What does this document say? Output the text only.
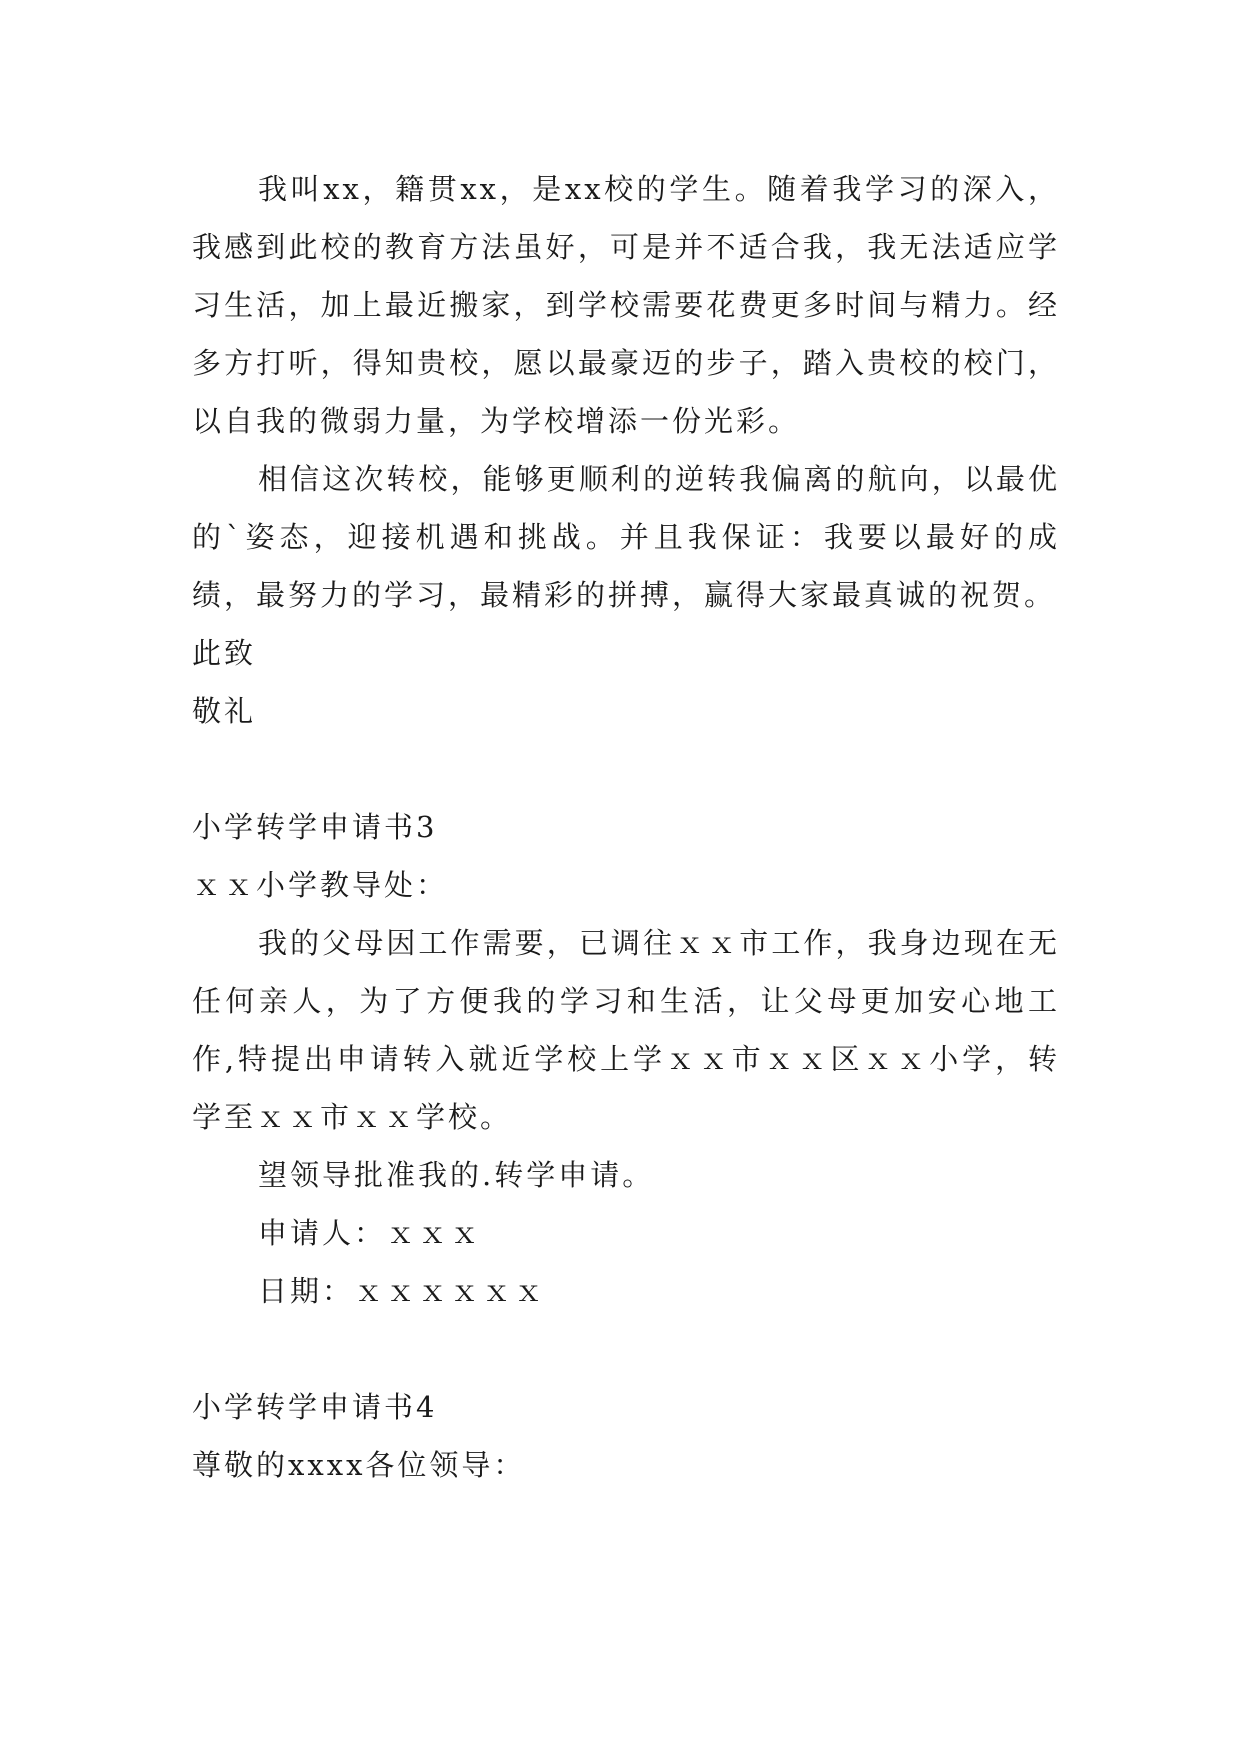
我叫xx，籍贯xx，是xx校的学生。随着我学习的深入，我感到此校的教育方法虽好，可是并不适合我，我无法适应学习生活，加上最近搬家，到学校需要花费更多时间与精力。经多方打听，得知贵校，愿以最豪迈的步子，踏入贵校的校门，以自我的微弱力量，为学校增添一份光彩。

相信这次转校，能够更顺利的逆转我偏离的航向，以最优的`姿态，迎接机遇和挑战。并且我保证：我要以最好的成绩，最努力的学习，最精彩的拼搏，赢得大家最真诚的祝贺。

此致

敬礼

小学转学申请书3

ｘｘ小学教导处：

我的父母因工作需要，已调往ｘｘ市工作，我身边现在无任何亲人，为了方便我的学习和生活，让父母更加安心地工作,特提出申请转入就近学校上学ｘｘ市ｘｘ区ｘｘ小学，转学至ｘｘ市ｘｘ学校。

望领导批准我的.转学申请。

申请人：ｘｘｘ

日期：ｘｘｘｘｘｘ

小学转学申请书4

尊敬的xxxx各位领导：
